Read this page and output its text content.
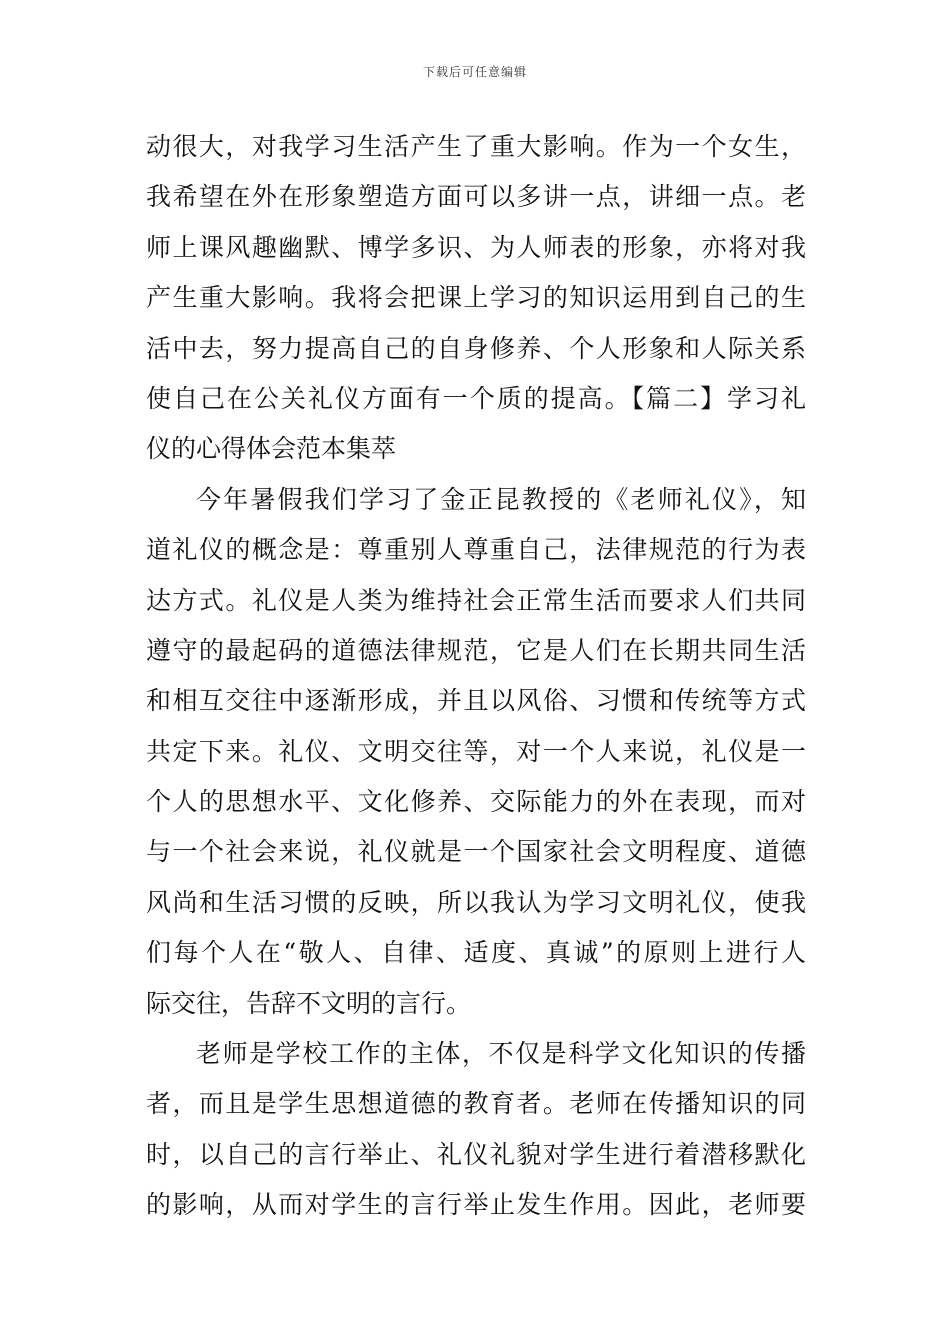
下载后可任意编辑
动很大，对我学习生活产生了重大影响。作为一个女生，
我希望在外在形象塑造方面可以多讲一点，讲细一点。老
师上课风趣幽默、博学多识、为人师表的形象，亦将对我
产生重大影响。我将会把课上学习的知识运用到自己的生
活中去，努力提高自己的自身修养、个人形象和人际关系
使自己在公关礼仪方面有一个质的提高。【篇二】学习礼
仪的心得体会范本集萃
今年暑假我们学习了金正昆教授的《老师礼仪》，知
道礼仪的概念是：尊重别人尊重自己，法律规范的行为表
达方式。礼仪是人类为维持社会正常生活而要求人们共同
遵守的最起码的道德法律规范，它是人们在长期共同生活
和相互交往中逐渐形成，并且以风俗、习惯和传统等方式
共定下来。礼仪、文明交往等，对一个人来说，礼仪是一
个人的思想水平、文化修养、交际能力的外在表现，而对
与一个社会来说，礼仪就是一个国家社会文明程度、道德
风尚和生活习惯的反映，所以我认为学习文明礼仪，使我
们每个人在“敬人、自律、适度、真诚”的原则上进行人
际交往，告辞不文明的言行。
老师是学校工作的主体，不仅是科学文化知识的传播
者，而且是学生思想道德的教育者。老师在传播知识的同
时，以自己的言行举止、礼仪礼貌对学生进行着潜移默化
的影响，从而对学生的言行举止发生作用。因此，老师要
